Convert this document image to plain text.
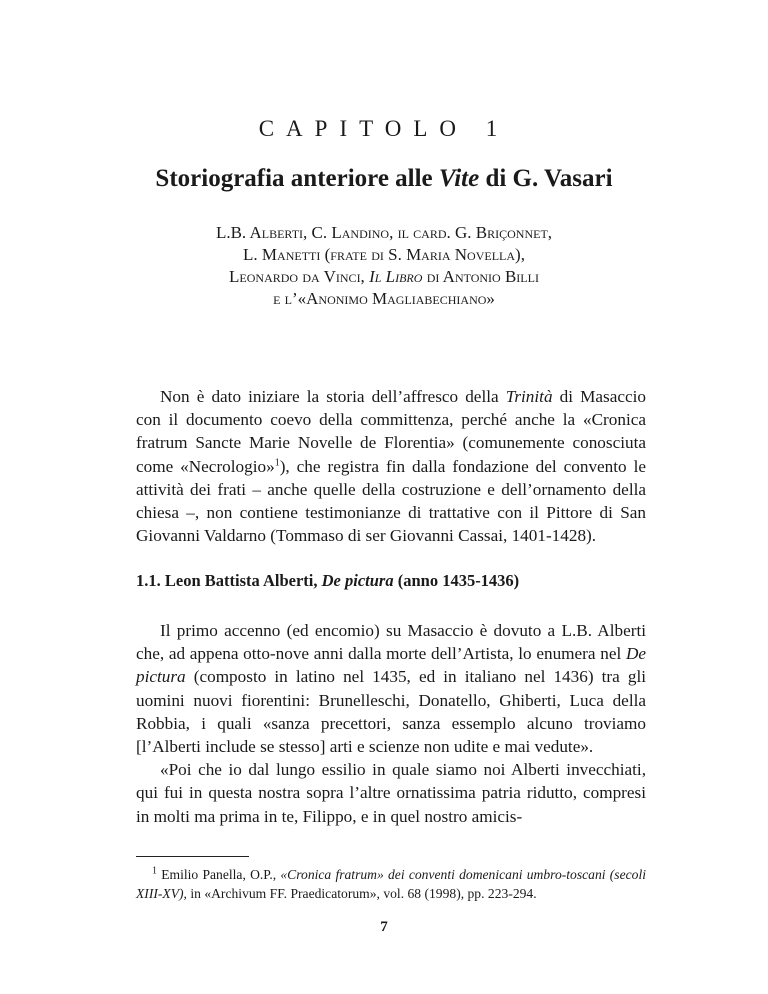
CAPITOLO 1
Storiografia anteriore alle Vite di G. Vasari
L.B. Alberti, C. Landino, il card. G. Briçonnet,
L. Manetti (frate di S. Maria Novella),
Leonardo da Vinci, Il Libro di Antonio Billi
e l’«Anonimo Magliabechiano»

Non è dato iniziare la storia dell’affresco della Trinità di Masaccio con il documento coevo della committenza, perché anche la «Cronica fratrum Sancte Marie Novelle de Florentia» (comunemente conosciuta come «Necrologio»$^1$), che registra fin dalla fondazione del convento le attività dei frati – anche quelle della costruzione e dell’ornamento della chiesa –, non contiene testimonianze di trattative con il Pittore di San Giovanni Valdarno (Tommaso di ser Giovanni Cassai, 1401-1428).

1.1. Leon Battista Alberti, De pictura (anno 1435-1436)

Il primo accenno (ed encomio) su Masaccio è dovuto a L.B. Alberti che, ad appena otto-nove anni dalla morte dell’Artista, lo enumera nel De pictura (composto in latino nel 1435, ed in italiano nel 1436) tra gli uomini nuovi fiorentini: Brunelleschi, Donatello, Ghiberti, Luca della Robbia, i quali «sanza precettori, sanza essemplo alcuno troviamo [l’Alberti include se stesso] arti e scienze non udite e mai vedute».

«Poi che io dal lungo essilio in quale siamo noi Alberti invecchiati, qui fui in questa nostra sopra l’altre ornatissima patria ridutto, compresi in molti ma prima in te, Filippo, e in quel nostro amicis-

$^1$ Emilio Panella, O.P., «Cronica fratrum» dei conventi domenicani umbro-toscani (secoli XIII-XV), in «Archivum FF. Praedicatorum», vol. 68 (1998), pp. 223-294.
7
